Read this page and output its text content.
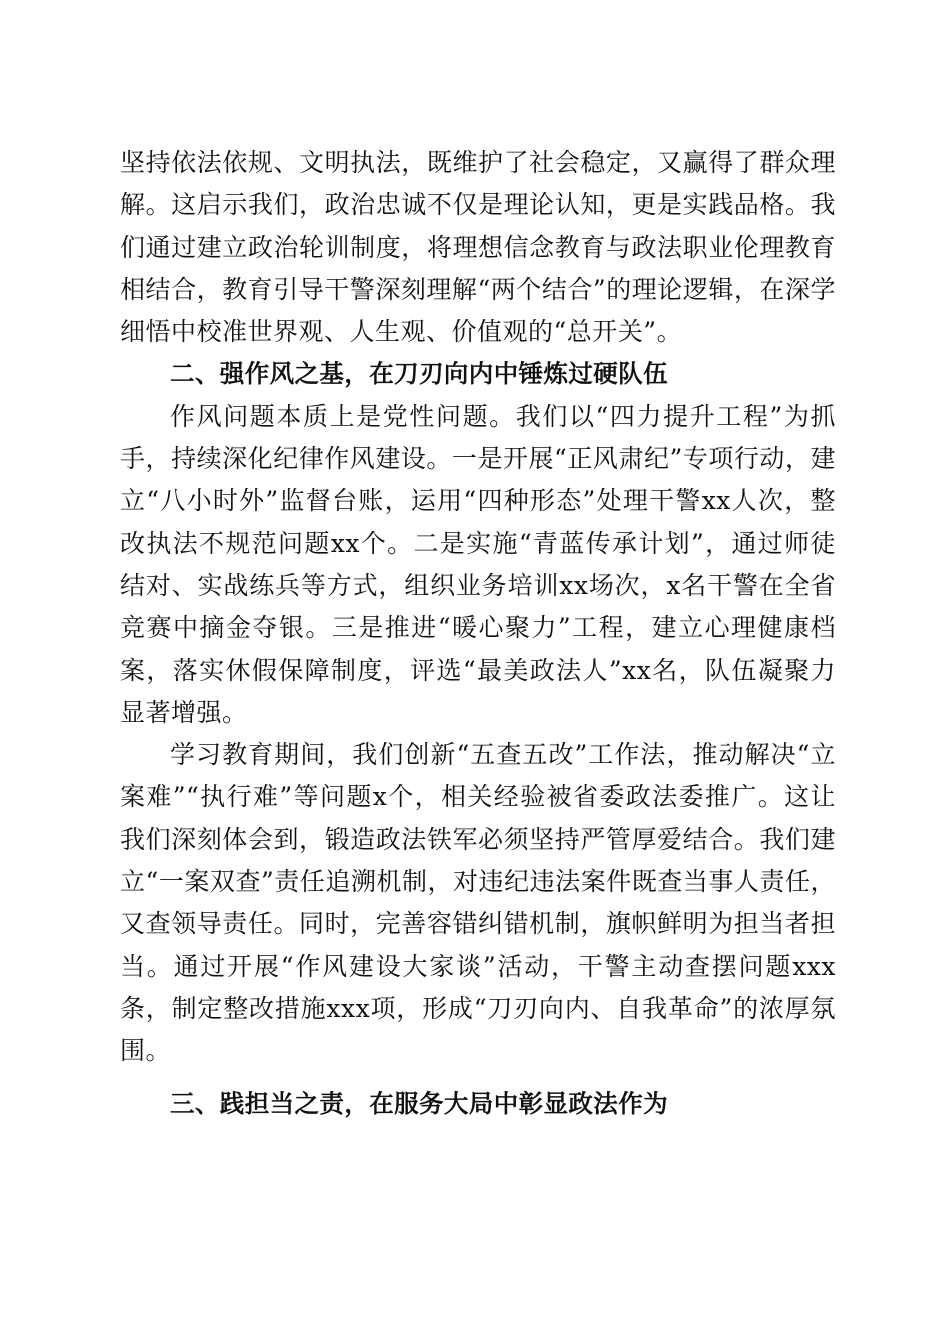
坚持依法依规、文明执法，既维护了社会稳定，又赢得了群众理解。这启示我们，政治忠诚不仅是理论认知，更是实践品格。我们通过建立政治轮训制度，将理想信念教育与政法职业伦理教育相结合，教育引导干警深刻理解“两个结合”的理论逻辑，在深学细悟中校准世界观、人生观、价值观的“总开关”。

二、强作风之基，在刀刃向内中锤炼过硬队伍

作风问题本质上是党性问题。我们以“四力提升工程”为抓手，持续深化纪律作风建设。一是开展“正风肃纪”专项行动，建立“八小时外”监督台账，运用“四种形态”处理干警xx人次，整改执法不规范问题xx个。二是实施“青蓝传承计划”，通过师徒结对、实战练兵等方式，组织业务培训xx场次，x名干警在全省竞赛中摘金夺银。三是推进“暖心聚力”工程，建立心理健康档案，落实休假保障制度，评选“最美政法人”xx名，队伍凝聚力显著增强。

学习教育期间，我们创新“五查五改”工作法，推动解决“立案难”“执行难”等问题x个，相关经验被省委政法委推广。这让我们深刻体会到，锻造政法铁军必须坚持严管厚爱结合。我们建立“一案双查”责任追溯机制，对违纪违法案件既查当事人责任，又查领导责任。同时，完善容错纠错机制，旗帜鲜明为担当者担当。通过开展“作风建设大家谈”活动，干警主动查摆问题xxx条，制定整改措施xxx项，形成“刀刃向内、自我革命”的浓厚氛围。

三、践担当之责，在服务大局中彰显政法作为
